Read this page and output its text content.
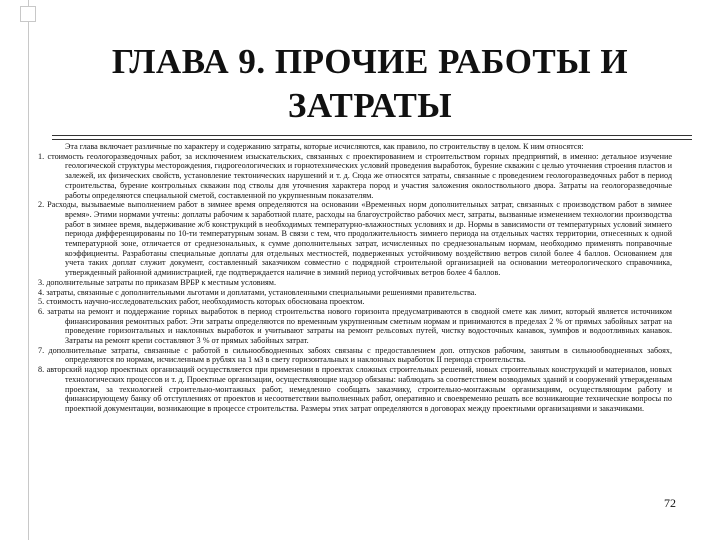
ГЛАВА 9. ПРОЧИЕ РАБОТЫ И
ЗАТРАТЫ

Эта глава включает различные по характеру и содержанию затраты, которые исчисляются, как правило, по строительству в целом. К ним относятся:

1. стоимость геологоразведочных работ, за исключением изыскательских, связанных с проектированием и строительством горных предприятий, в именно: детальное изучение геологической структуры месторождения, гидрогеологических и горнотехнических условий проведения выработок, бурение скважин с целью уточнения строения пластов и залежей, их физических свойств, установление тектонических нарушений и т. д. Сюда же относятся затраты, связанные с проведением геологоразведочных работ в период строительства, бурение контрольных скважин под стволы для уточнения характера пород и участия заложения околоствольного двора. Затраты на геологоразведочные работы определяются специальной сметой, составленной по укрупненным показателям.

2. Расходы, вызываемые выполнением работ в зимнее время определяются на основании «Временных норм дополнительных затрат, связанных с производством работ в зимнее время». Этими нормами учтены: доплаты рабочим к заработной плате, расходы на благоустройство рабочих мест, затраты, вызванные изменением технологии производства работ в зимнее время, выдерживание ж/б конструкций в необходимых температурно-влажностных условиях и др. Нормы в зависимости от температурных условий зимнего периода дифференцированы по 10-ти температурным зонам. В связи с тем, что продолжительность зимнего периода на отдельных частях территории, отнесенных к одной температурной зоне, отличается от среднезональных, к сумме дополнительных затрат, исчисленных по среднезональным нормам, необходимо применять поправочные коэффициенты. Разработаны специальные доплаты для отдельных местностей, подверженных устойчивому воздействию ветров силой более 4 баллов. Основанием для учета таких доплат служит документ, составленный заказчиком совместно с подрядной строительной организацией на основании метеорологического справочника, утвержденный районной администрацией, где подтверждается наличие в зимний период устойчивых ветров более 4 баллов.

3. дополнительные затраты по приказам ВРБР к местным условиям.

4. затраты, связанные с дополнительными льготами и доплатами, установленными специальными решениями правительства.

5. стоимость научно-исследовательских работ, необходимость которых обоснована проектом.

6. затраты на ремонт и поддержание горных выработок в период строительства нового горизонта предусматриваются в сводной смете как лимит, который является источником финансирования ремонтных работ. Эти затраты определяются по временным укрупненным сметным нормам и принимаются в пределах 2 % от прямых забойных затрат на проведение горизонтальных и наклонных выработок и учитывают затраты на ремонт рельсовых путей, чистку водосточных канавок, зумпфов и водоотливных канавок. Затраты на ремонт крепи составляют 3 % от прямых забойных затрат.

7. дополнительные затраты, связанные с работой в сильнообводненных забоях связаны с предоставлением доп. отпусков рабочим, занятым в сильнообводненных забоях, определяются по нормам, исчисленным в рублях на 1 м3 в свету горизонтальных и наклонных выработок II периода строительства.

8. авторский надзор проектных организаций осуществляется при применении в проектах сложных строительных решений, новых строительных конструкций и материалов, новых технологических процессов и т. д. Проектные организации, осуществляющие надзор обязаны: наблюдать за соответствием возводимых зданий и сооружений утвержденным проектам, за технологией строительно-монтажных работ, немедленно сообщать заказчику, строительно-монтажным организациям, осуществляющим работу и финансирующему банку об отступлениях от проектов и несоответствии выполненных работ, оперативно и своевременно решать все возникающие технические вопросы по проектной документации, возникающие в процессе строительства. Размеры этих затрат определяются в договорах между проектными организациями и заказчиками.

72
